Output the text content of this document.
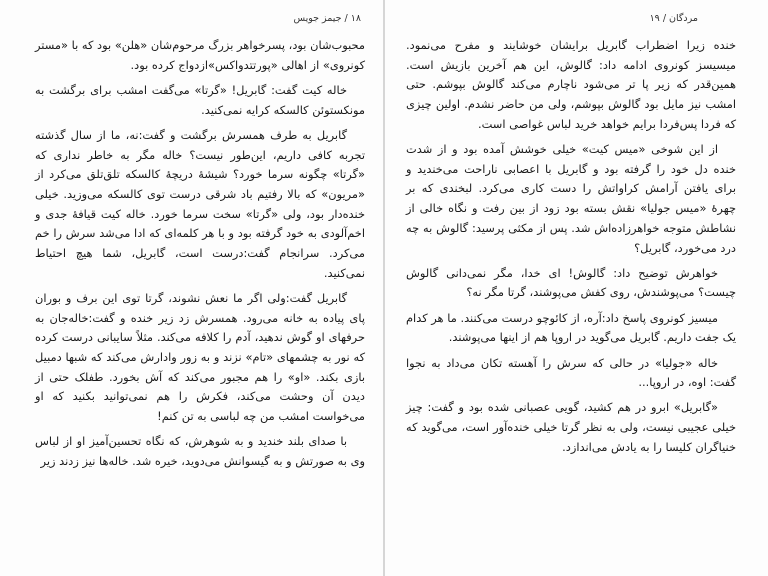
۱۸ / جیمز جویس

محبوب‌شان بود، پسرخواهر بزرگ مرحوم‌شان «هلن» بود که با «مستر کونروی» از اهالی «پورتتدواکس»ازدواج کرده بود.

خاله کیت گفت: گابریل! «گرتا» می‌گفت امشب برای برگشت به مونکستوئن کالسکه کرایه نمی‌کنید.

گابریل به طرف همسرش برگشت و گفت:نه، ما از سال گذشته تجربه کافی داریم، این‌طور نیست؟ خاله مگر به خاطر نداری که «گرتا» چگونه سرما خورد؟ شیشهٔ دریچهٔ کالسکه تلق‌تلق می‌کرد از «مریون» که بالا رفتیم باد شرقی درست توی کالسکه می‌وزید. خیلی خنده‌دار بود، ولی «گرتا» سخت سرما خورد. خاله کیت قیافهٔ جدی و اخم‌آلودی به خود گرفته بود و با هر کلمه‌ای که ادا می‌شد سرش را خم می‌کرد. سرانجام گفت:درست است، گابریل، شما هیچ احتیاط نمی‌کنید.

گابریل گفت:ولی اگر ما نعش نشوند، گرتا توی این برف و بوران پای پیاده به خانه می‌رود. همسرش زد زیر خنده و گفت:خاله‌جان به حرفهای او گوش ندهید، آدم را کلافه می‌کند. مثلاً سایبانی درست کرده که نور به چشمهای «تام» نزند و به زور وادارش می‌کند که شبها دمبیل بازی بکند. «او» را هم مجبور می‌کند که آش بخورد. طفلک حتی از دیدن آن وحشت می‌کند، فکرش را هم نمی‌توانید بکنید که او می‌خواست امشب من چه لباسی به تن کنم!

با صدای بلند خندید و به شوهرش، که نگاه تحسین‌آمیز او از لباس وی به صورتش و به گیسوانش می‌دوید، خیره شد. خاله‌ها نیز زدند زیر

مردگان / ۱۹

خنده زیرا اضطراب گابریل برایشان خوشایند و مفرح می‌نمود. میسیسز کونروی ادامه داد: گالوش، این هم آخرین بازیش است. همین‌قدر که زیر پا تر می‌شود ناچارم می‌کند گالوش بپوشم. حتی امشب نیز مایل بود گالوش بپوشم، ولی من حاضر نشدم. اولین چیزی که فردا پس‌فردا برایم خواهد خرید لباس غواصی است.

از این شوخی «میس کیت» خیلی خوشش آمده بود و از شدت خنده دل خود را گرفته بود و گابریل با اعصابی ناراحت می‌خندید و برای یافتن آرامش کراواتش را دست کاری می‌کرد. لبخندی که بر چهرهٔ «میس جولیا» نقش بسته بود زود از بین رفت و نگاه خالی از نشاطش متوجه خواهرزاده‌اش شد. پس از مکثی پرسید: گالوش به چه درد می‌خورد، گابریل؟

خواهرش توضیح داد: گالوش! ای خدا، مگر نمی‌دانی گالوش چیست؟ می‌پوشندش، روی کفش می‌پوشند، گرتا مگر نه؟

میسیز کونروی پاسخ داد:آره، از کائوچو درست می‌کنند. ما هر کدام یک جفت داریم. گابریل می‌گوید در اروپا هم از اینها می‌پوشند.

خاله «جولیا» در حالی که سرش را آهسته تکان می‌داد به نجوا گفت: اوه، در اروپا...

«گابریل» ابرو در هم کشید، گویی عصبانی شده بود و گفت: چیز خیلی عجیبی نیست، ولی به نظر گرتا خیلی خنده‌آور است، می‌گوید که خنیاگران کلیسا را به یادش می‌اندازد.
